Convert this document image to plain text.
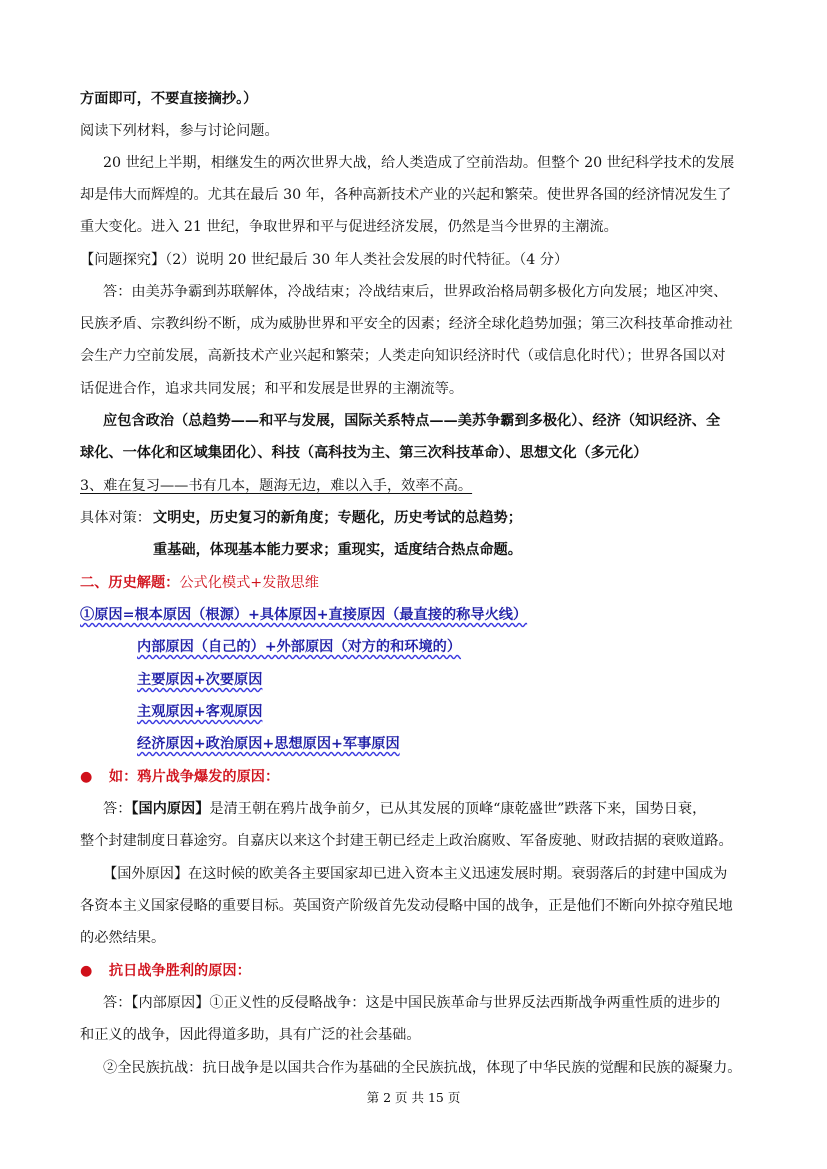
方面即可，不要直接摘抄。）
阅读下列材料，参与讨论问题。
20 世纪上半期，相继发生的两次世界大战，给人类造成了空前浩劫。但整个 20 世纪科学技术的发展
却是伟大而辉煌的。尤其在最后 30 年，各种高新技术产业的兴起和繁荣。使世界各国的经济情况发生了
重大变化。进入 21 世纪，争取世界和平与促进经济发展，仍然是当今世界的主潮流。
【问题探究】（2）说明 20 世纪最后 30 年人类社会发展的时代特征。（4 分）
答：由美苏争霸到苏联解体，冷战结束；冷战结束后，世界政治格局朝多极化方向发展；地区冲突、
民族矛盾、宗教纠纷不断，成为威胁世界和平安全的因素；经济全球化趋势加强；第三次科技革命推动社
会生产力空前发展，高新技术产业兴起和繁荣；人类走向知识经济时代（或信息化时代）；世界各国以对
话促进合作，追求共同发展；和平和发展是世界的主潮流等。
应包含政治（总趋势——和平与发展，国际关系特点——美苏争霸到多极化）、经济（知识经济、全
球化、一体化和区域集团化）、科技（高科技为主、第三次科技革命）、思想文化（多元化）
3、难在复习——书有几本，题海无边，难以入手，效率不高。
具体对策： 文明史，历史复习的新角度；专题化，历史考试的总趋势；
重基础，体现基本能力要求；重现实，适度结合热点命题。
二、历史解题：公式化模式+发散思维
①原因=根本原因（根源）+具体原因+直接原因（最直接的称导火线）
内部原因（自己的）+外部原因（对方的和环境的）
主要原因+次要原因
主观原因+客观原因
经济原因+政治原因+思想原因+军事原因
● 如：鸦片战争爆发的原因：
答：【国内原因】是清王朝在鸦片战争前夕，已从其发展的顶峰“康乾盛世”跌落下来，国势日衰，
整个封建制度日暮途穷。自嘉庆以来这个封建王朝已经走上政治腐败、军备废驰、财政拮据的衰败道路。
【国外原因】在这时候的欧美各主要国家却已进入资本主义迅速发展时期。衰弱落后的封建中国成为
各资本主义国家侵略的重要目标。英国资产阶级首先发动侵略中国的战争，正是他们不断向外掠夺殖民地
的必然结果。
● 抗日战争胜利的原因：
答：【内部原因】①正义性的反侵略战争：这是中国民族革命与世界反法西斯战争两重性质的进步的
和正义的战争，因此得道多助，具有广泛的社会基础。
②全民族抗战：抗日战争是以国共合作为基础的全民族抗战，体现了中华民族的觉醒和民族的凝聚力。
第 2 页 共 15 页
